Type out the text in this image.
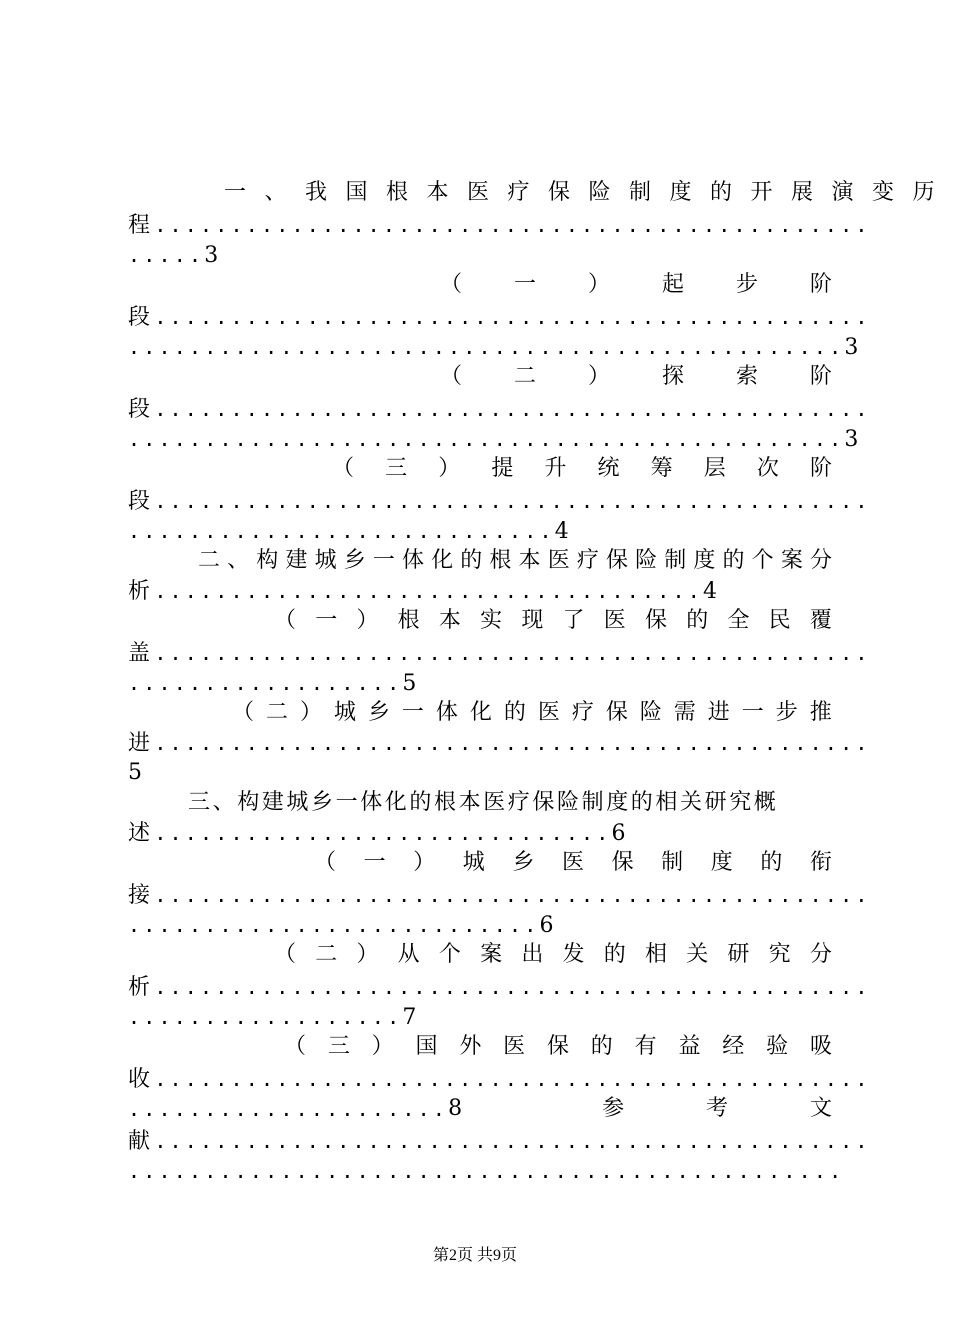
一、我国根本医疗保险制度的开展演变历
程...............................................
.....3
（ 一 ） 起 步 阶
段...............................................
...............................................3
（ 二 ） 探 索 阶
段...............................................
...............................................3
（ 三 ） 提 升 统 筹 层 次 阶
段...............................................
............................4
二 、 构 建 城 乡 一 体 化 的 根 本 医 疗 保 险 制 度 的 个 案 分
析....................................4
（ 一 ） 根 本 实 现 了 医 保 的 全 民 覆
盖...............................................
..................5
（ 二 ） 城 乡 一 体 化 的 医 疗 保 险 需 进 一 步 推
进...............................................
5
三、构建城乡一体化的根本医疗保险制度的相关研究概
述..............................6
（ 一 ） 城 乡 医 保 制 度 的 衔
接...............................................
...........................6
（ 二 ） 从 个 案 出 发 的 相 关 研 究 分
析...............................................
..................7
（ 三 ） 国 外 医 保 的 有 益 经 验 吸
收...............................................
..................... 8	参	考	文
献...............................................
...............................................
第2页 共9页
